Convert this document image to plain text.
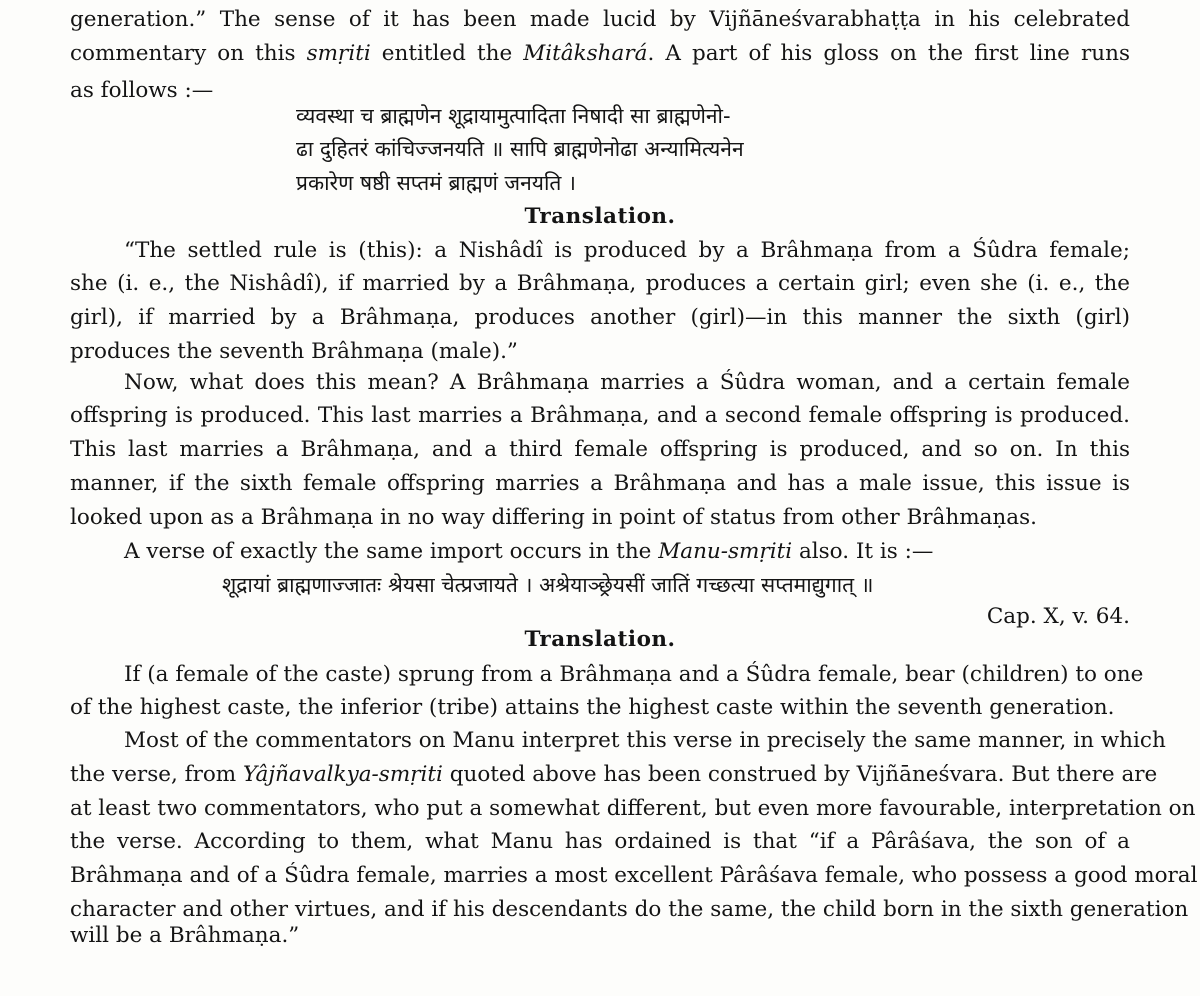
generation.” The sense of it has been made lucid by Vijñāneśvarabhaṭṭa in his celebrated
commentary on this smṛiti entitled the Mitâkshará. A part of his gloss on the first line runs
as follows :—
व्यवस्था च ब्राह्मणेन शूद्रायामुत्पादिता निषादी सा ब्राह्मणेनो-
ढा दुहितरं कांचिज्जनयति ॥ सापि ब्राह्मणेनोढा अन्यामित्यनेन
प्रकारेण षष्ठी सप्तमं ब्राह्मणं जनयति ।
Translation.
“The settled rule is (this): a Nishâdî is produced by a Brâhmaṇa from a Śûdra female;
she (i. e., the Nishâdî), if married by a Brâhmaṇa, produces a certain girl; even she (i. e., the
girl), if married by a Brâhmaṇa, produces another (girl)—in this manner the sixth (girl)
produces the seventh Brâhmaṇa (male).”
Now, what does this mean? A Brâhmaṇa marries a Śûdra woman, and a certain female
offspring is produced. This last marries a Brâhmaṇa, and a second female offspring is produced.
This last marries a Brâhmaṇa, and a third female offspring is produced, and so on. In this
manner, if the sixth female offspring marries a Brâhmaṇa and has a male issue, this issue is
looked upon as a Brâhmaṇa in no way differing in point of status from other Brâhmaṇas.
A verse of exactly the same import occurs in the Manu-smṛiti also. It is :—
शूद्रायां ब्राह्मणाज्जातः श्रेयसा चेत्प्रजायते । अश्रेयाञ्छ्रेयसीं जातिं गच्छत्या सप्तमाद्युगात् ॥
Cap. X, v. 64.
Translation.
If (a female of the caste) sprung from a Brâhmaṇa and a Śûdra female, bear (children) to one
of the highest caste, the inferior (tribe) attains the highest caste within the seventh generation.
Most of the commentators on Manu interpret this verse in precisely the same manner, in which
the verse, from Yâjñavalkya-smṛiti quoted above has been construed by Vijñāneśvara. But there are
at least two commentators, who put a somewhat different, but even more favourable, interpretation on
the verse. According to them, what Manu has ordained is that “if a Pârâśava, the son of a
Brâhmaṇa and of a Śûdra female, marries a most excellent Pârâśava female, who possess a good moral
character and other virtues, and if his descendants do the same, the child born in the sixth generation
will be a Brâhmaṇa.”
